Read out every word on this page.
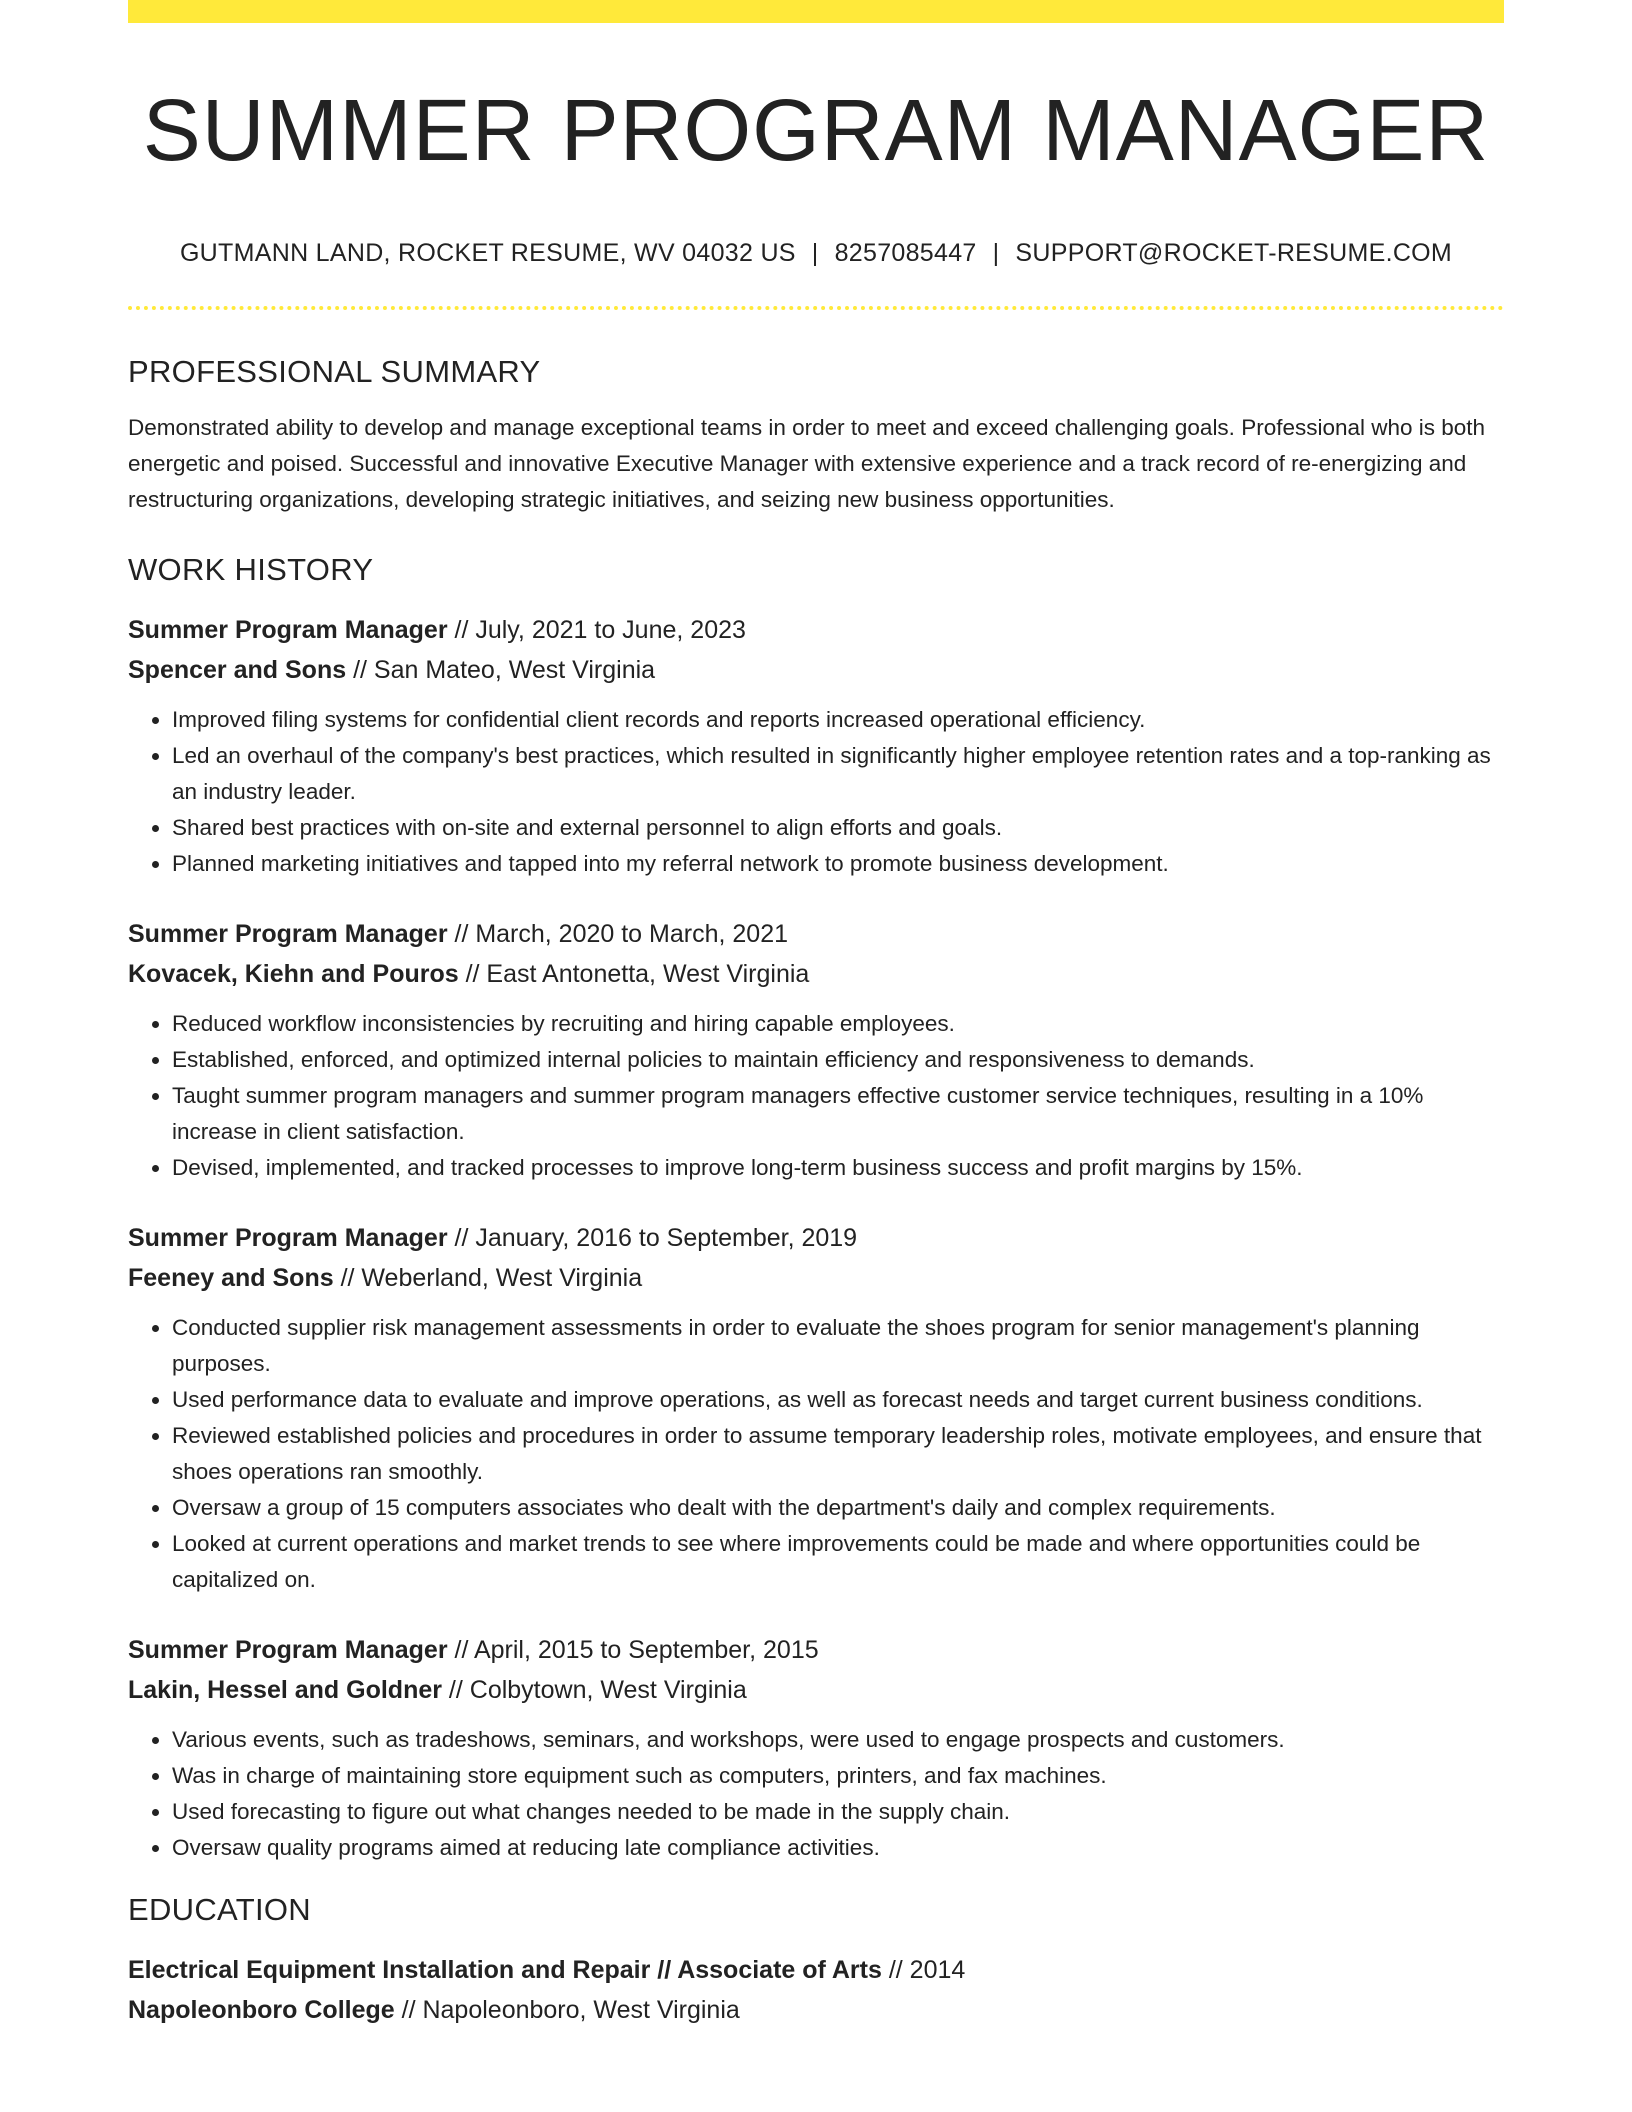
SUMMER PROGRAM MANAGER
GUTMANN LAND, ROCKET RESUME, WV 04032 US | 8257085447 | SUPPORT@ROCKET-RESUME.COM
PROFESSIONAL SUMMARY

Demonstrated ability to develop and manage exceptional teams in order to meet and exceed challenging goals. Professional who is both energetic and poised. Successful and innovative Executive Manager with extensive experience and a track record of re-energizing and restructuring organizations, developing strategic initiatives, and seizing new business opportunities.

WORK HISTORY
Summer Program Manager // July, 2021 to June, 2023
Spencer and Sons // San Mateo, West Virginia
• Improved filing systems for confidential client records and reports increased operational efficiency.
• Led an overhaul of the company's best practices, which resulted in significantly higher employee retention rates and a top-ranking as an industry leader.
• Shared best practices with on-site and external personnel to align efforts and goals.
• Planned marketing initiatives and tapped into my referral network to promote business development.
Summer Program Manager // March, 2020 to March, 2021
Kovacek, Kiehn and Pouros // East Antonetta, West Virginia
• Reduced workflow inconsistencies by recruiting and hiring capable employees.
• Established, enforced, and optimized internal policies to maintain efficiency and responsiveness to demands.
• Taught summer program managers and summer program managers effective customer service techniques, resulting in a 10% increase in client satisfaction.
• Devised, implemented, and tracked processes to improve long-term business success and profit margins by 15%.
Summer Program Manager // January, 2016 to September, 2019
Feeney and Sons // Weberland, West Virginia
• Conducted supplier risk management assessments in order to evaluate the shoes program for senior management's planning purposes.
• Used performance data to evaluate and improve operations, as well as forecast needs and target current business conditions.
• Reviewed established policies and procedures in order to assume temporary leadership roles, motivate employees, and ensure that shoes operations ran smoothly.
• Oversaw a group of 15 computers associates who dealt with the department's daily and complex requirements.
• Looked at current operations and market trends to see where improvements could be made and where opportunities could be capitalized on.
Summer Program Manager // April, 2015 to September, 2015
Lakin, Hessel and Goldner // Colbytown, West Virginia
• Various events, such as tradeshows, seminars, and workshops, were used to engage prospects and customers.
• Was in charge of maintaining store equipment such as computers, printers, and fax machines.
• Used forecasting to figure out what changes needed to be made in the supply chain.
• Oversaw quality programs aimed at reducing late compliance activities.
EDUCATION
Electrical Equipment Installation and Repair // Associate of Arts // 2014
Napoleonboro College // Napoleonboro, West Virginia
